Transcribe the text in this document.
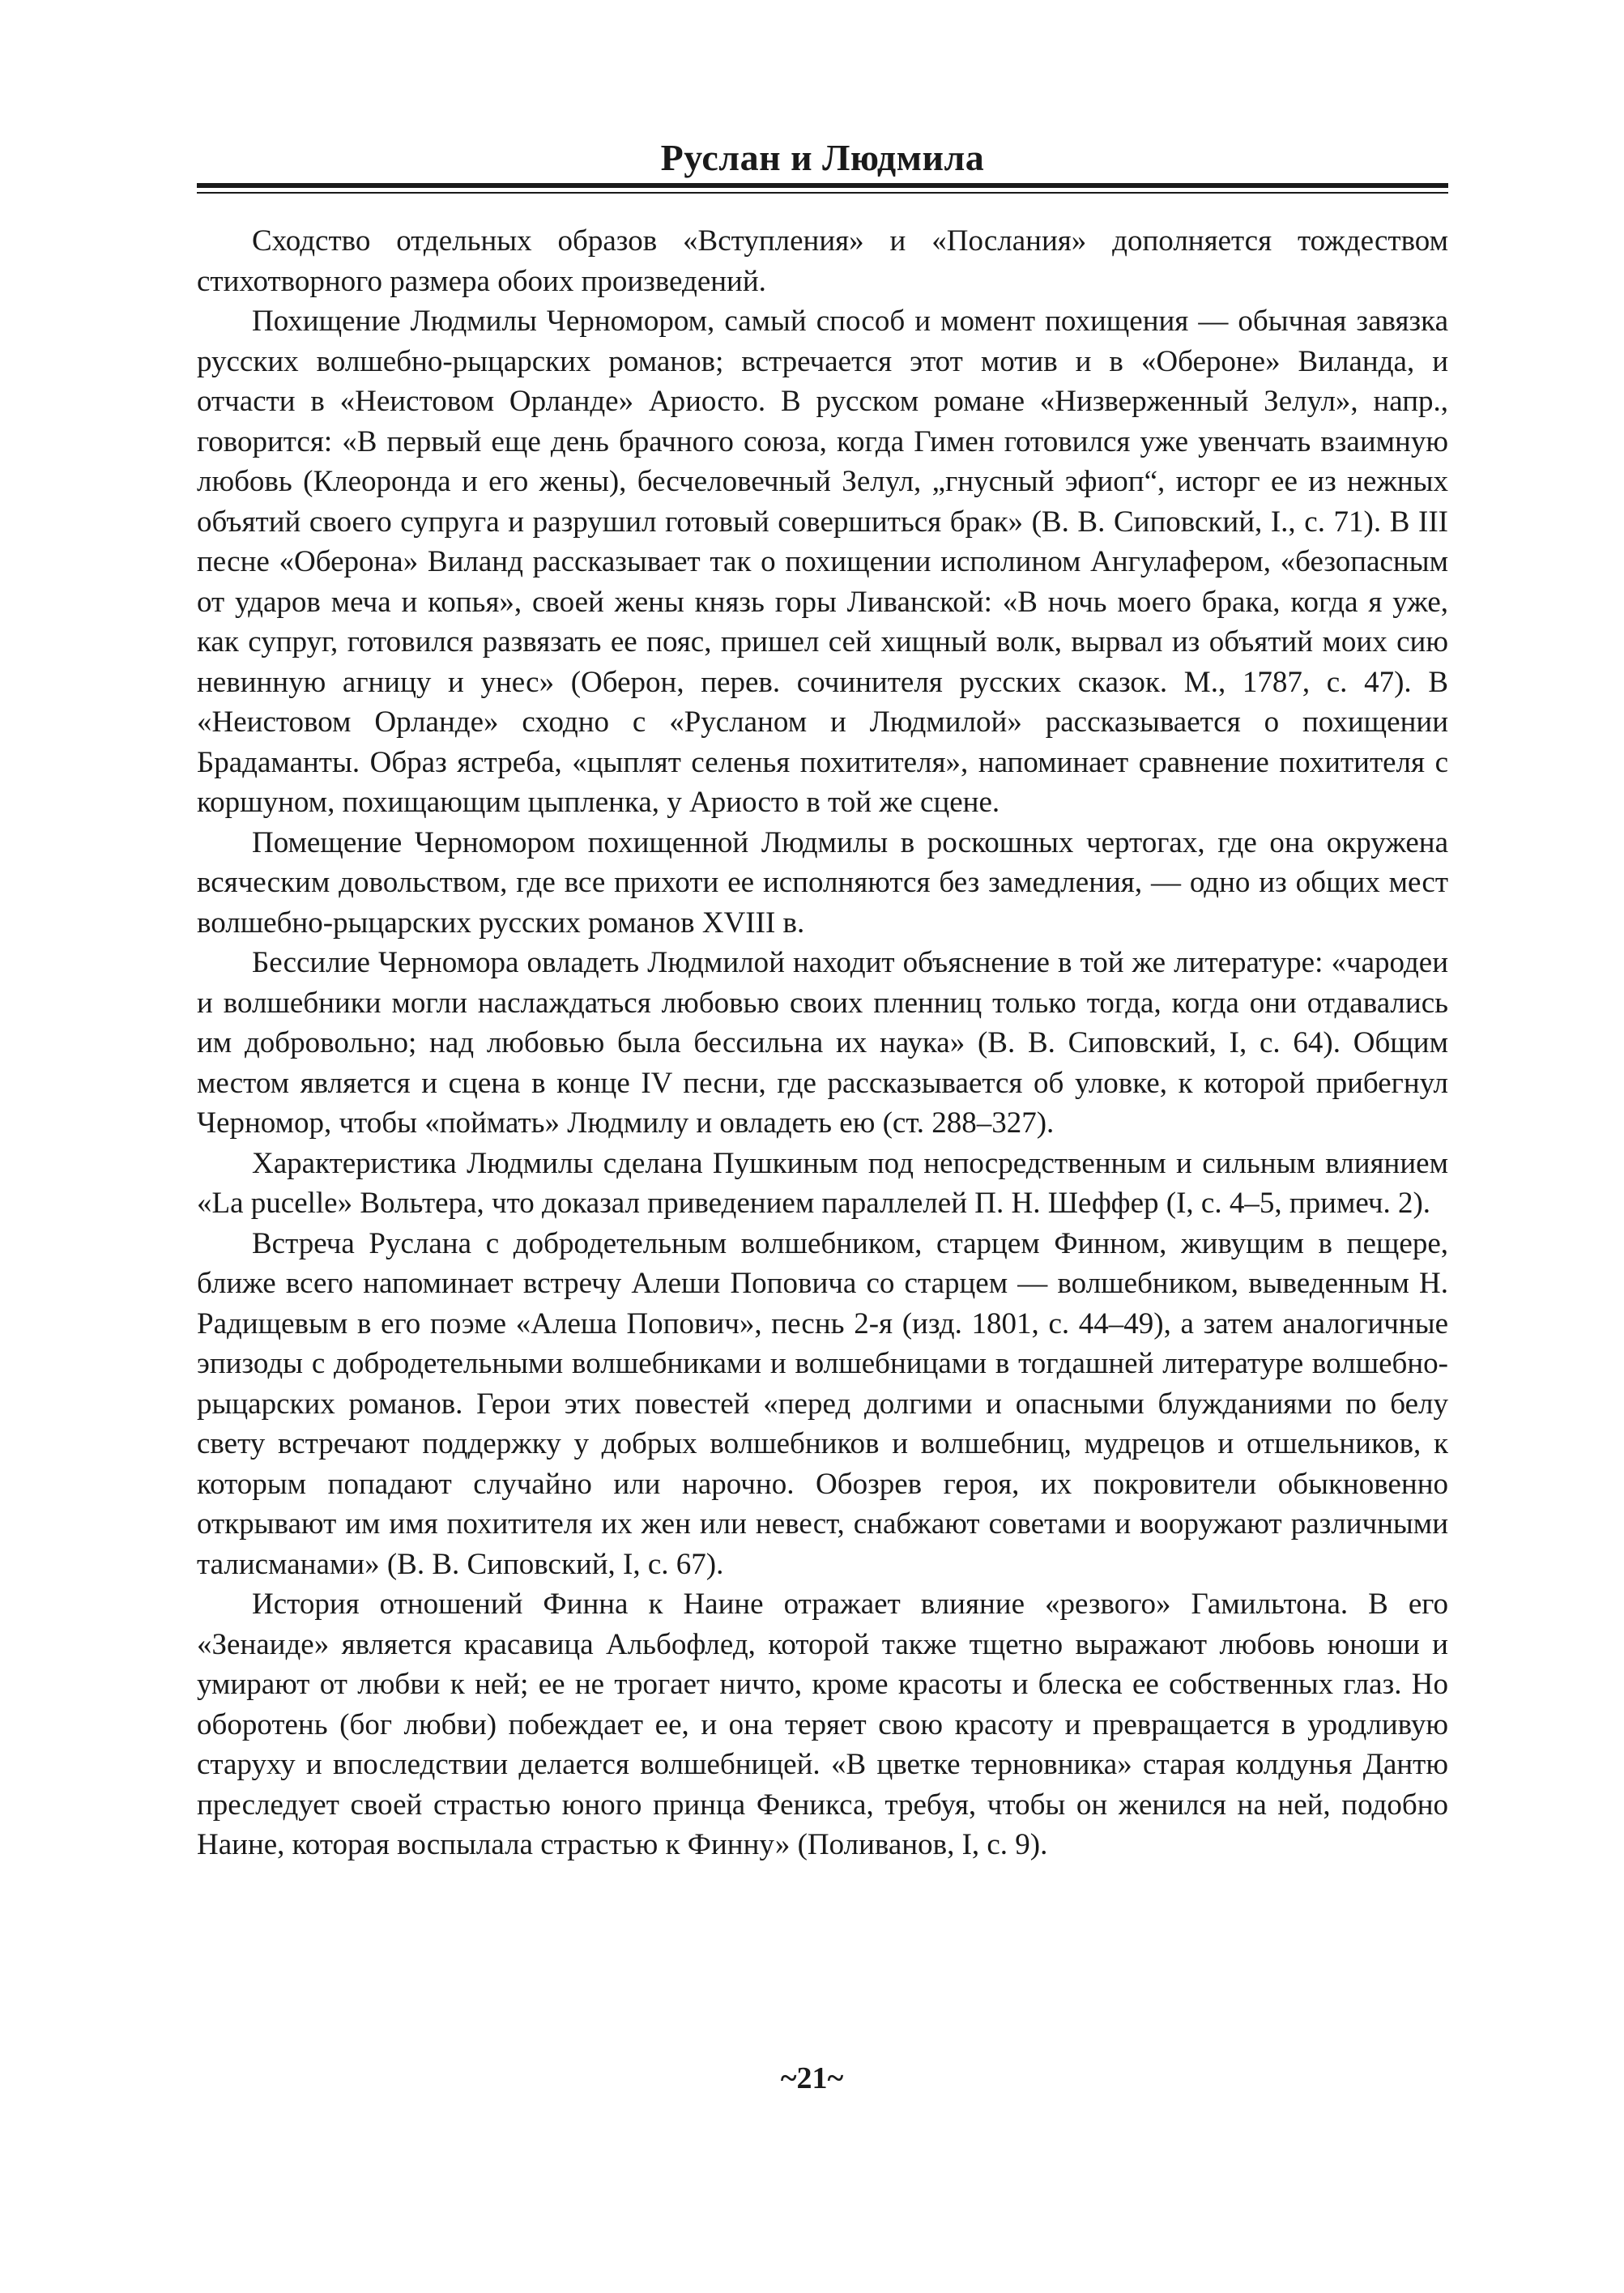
Руслан и Людмила

Сходство отдельных образов «Вступления» и «Послания» дополняется тождеством стихотворного размера обоих произведений.

Похищение Людмилы Черномором, самый способ и момент похищения — обычная завязка русских волшебно-рыцарских романов; встречается этот мотив и в «Обероне» Виланда, и отчасти в «Неистовом Орланде» Ариосто. В русском романе «Низверженный Зелул», напр., говорится: «В первый еще день брачного союза, когда Гимен готовился уже увенчать взаимную любовь (Клеоронда и его жены), бесчеловечный Зелул, „гнусный эфиоп“, исторг ее из нежных объятий своего супруга и разрушил готовый совершиться брак» (В. В. Сиповский, I., с. 71). В III песне «Оберона» Виланд рассказывает так о похищении исполином Ангулафером, «безопасным от ударов меча и копья», своей жены князь горы Ливанской: «В ночь моего брака, когда я уже, как супруг, готовился развязать ее пояс, пришел сей хищный волк, вырвал из объятий моих сию невинную агницу и унес» (Оберон, перев. сочинителя русских сказок. М., 1787, с. 47). В «Неистовом Орланде» сходно с «Русланом и Людмилой» рассказывается о похищении Брадаманты. Образ ястреба, «цыплят селенья похитителя», напоминает сравнение похитителя с коршуном, похищающим цыпленка, у Ариосто в той же сцене.

Помещение Черномором похищенной Людмилы в роскошных чертогах, где она окружена всяческим довольством, где все прихоти ее исполняются без замедления, — одно из общих мест волшебно-рыцарских русских романов XVIII в.

Бессилие Черномора овладеть Людмилой находит объяснение в той же литературе: «чародеи и волшебники могли наслаждаться любовью своих пленниц только тогда, когда они отдавались им добровольно; над любовью была бессильна их наука» (В. В. Сиповский, I, с. 64). Общим местом является и сцена в конце IV песни, где рассказывается об уловке, к которой прибегнул Черномор, чтобы «поймать» Людмилу и овладеть ею (ст. 288–327).

Характеристика Людмилы сделана Пушкиным под непосредственным и сильным влиянием «La pucelle» Вольтера, что доказал приведением параллелей П. Н. Шеффер (I, с. 4–5, примеч. 2).

Встреча Руслана с добродетельным волшебником, старцем Финном, живущим в пещере, ближе всего напоминает встречу Алеши Поповича со старцем — волшебником, выведенным Н. Радищевым в его поэме «Алеша Попович», песнь 2-я (изд. 1801, с. 44–49), а затем аналогичные эпизоды с добродетельными волшебниками и волшебницами в тогдашней литературе волшебно-рыцарских романов. Герои этих повестей «перед долгими и опасными блужданиями по белу свету встречают поддержку у добрых волшебников и волшебниц, мудрецов и отшельников, к которым попадают случайно или нарочно. Обозрев героя, их покровители обыкновенно открывают им имя похитителя их жен или невест, снабжают советами и вооружают различными талисманами» (В. В. Сиповский, I, с. 67).

История отношений Финна к Наине отражает влияние «резвого» Гамильтона. В его «Зенаиде» является красавица Альбофлед, которой также тщетно выражают любовь юноши и умирают от любви к ней; ее не трогает ничто, кроме красоты и блеска ее собственных глаз. Но оборотень (бог любви) побеждает ее, и она теряет свою красоту и превращается в уродливую старуху и впоследствии делается волшебницей. «В цветке терновника» старая колдунья Дантю преследует своей страстью юного принца Феникса, требуя, чтобы он женился на ней, подобно Наине, которая воспылала страстью к Финну» (Поливанов, I, с. 9).

~21~
